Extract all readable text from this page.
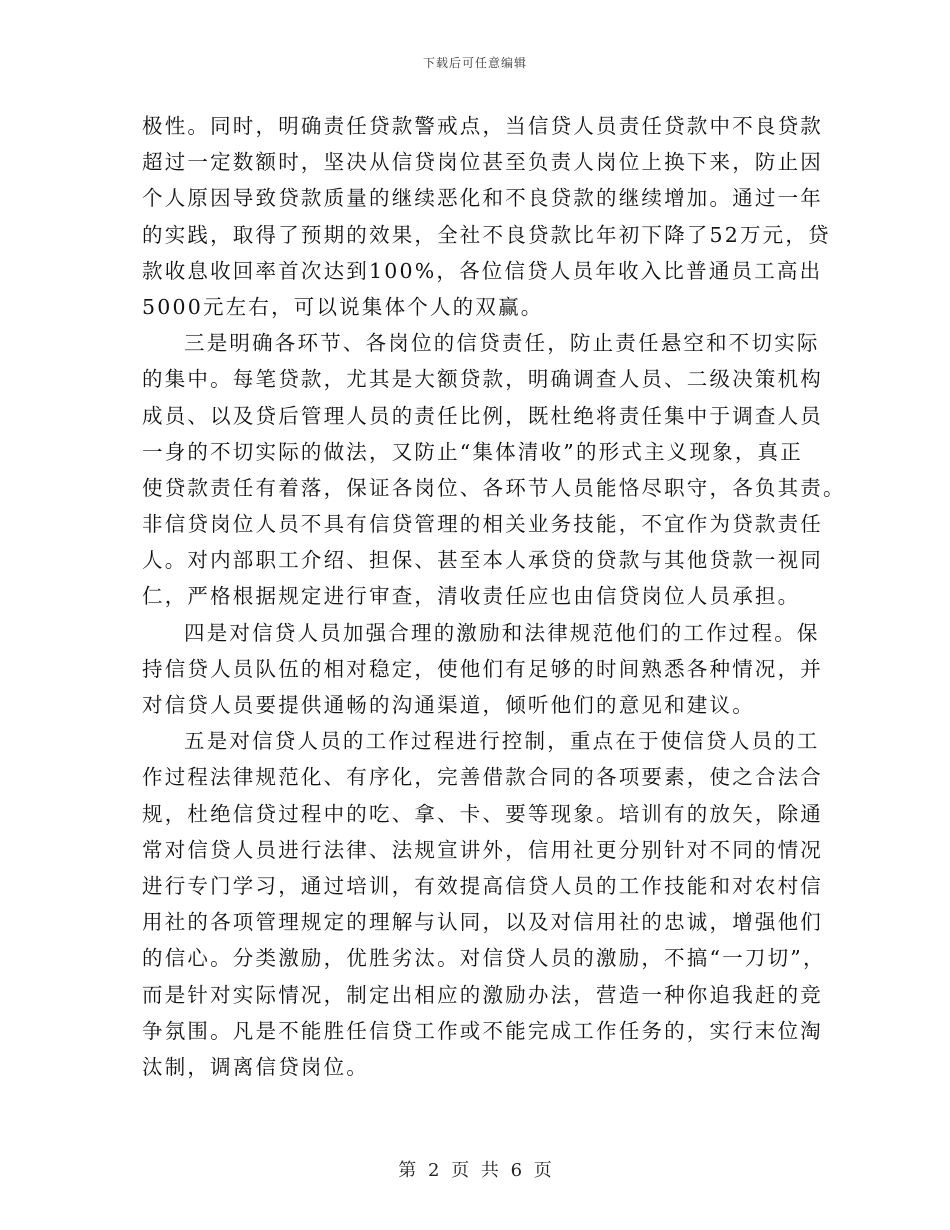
下载后可任意编辑
极性。同时，明确责任贷款警戒点，当信贷人员责任贷款中不良贷款
超过一定数额时，坚决从信贷岗位甚至负责人岗位上换下来，防止因
个人原因导致贷款质量的继续恶化和不良贷款的继续增加。通过一年
的实践，取得了预期的效果，全社不良贷款比年初下降了52万元，贷
款收息收回率首次达到100%，各位信贷人员年收入比普通员工高出
5000元左右，可以说集体个人的双赢。
三是明确各环节、各岗位的信贷责任，防止责任悬空和不切实际
的集中。每笔贷款，尤其是大额贷款，明确调查人员、二级决策机构
成员、以及贷后管理人员的责任比例，既杜绝将责任集中于调查人员
一身的不切实际的做法，又防止“集体清收”的形式主义现象，真正
使贷款责任有着落，保证各岗位、各环节人员能恪尽职守，各负其责。
非信贷岗位人员不具有信贷管理的相关业务技能，不宜作为贷款责任
人。对内部职工介绍、担保、甚至本人承贷的贷款与其他贷款一视同
仁，严格根据规定进行审查，清收责任应也由信贷岗位人员承担。
四是对信贷人员加强合理的激励和法律规范他们的工作过程。保
持信贷人员队伍的相对稳定，使他们有足够的时间熟悉各种情况，并
对信贷人员要提供通畅的沟通渠道，倾听他们的意见和建议。
五是对信贷人员的工作过程进行控制，重点在于使信贷人员的工
作过程法律规范化、有序化，完善借款合同的各项要素，使之合法合
规，杜绝信贷过程中的吃、拿、卡、要等现象。培训有的放矢，除通
常对信贷人员进行法律、法规宣讲外，信用社更分别针对不同的情况
进行专门学习，通过培训，有效提高信贷人员的工作技能和对农村信
用社的各项管理规定的理解与认同，以及对信用社的忠诚，增强他们
的信心。分类激励，优胜劣汰。对信贷人员的激励，不搞“一刀切”，
而是针对实际情况，制定出相应的激励办法，营造一种你追我赶的竞
争氛围。凡是不能胜任信贷工作或不能完成工作任务的，实行末位淘
汰制，调离信贷岗位。
第 2 页 共 6 页
